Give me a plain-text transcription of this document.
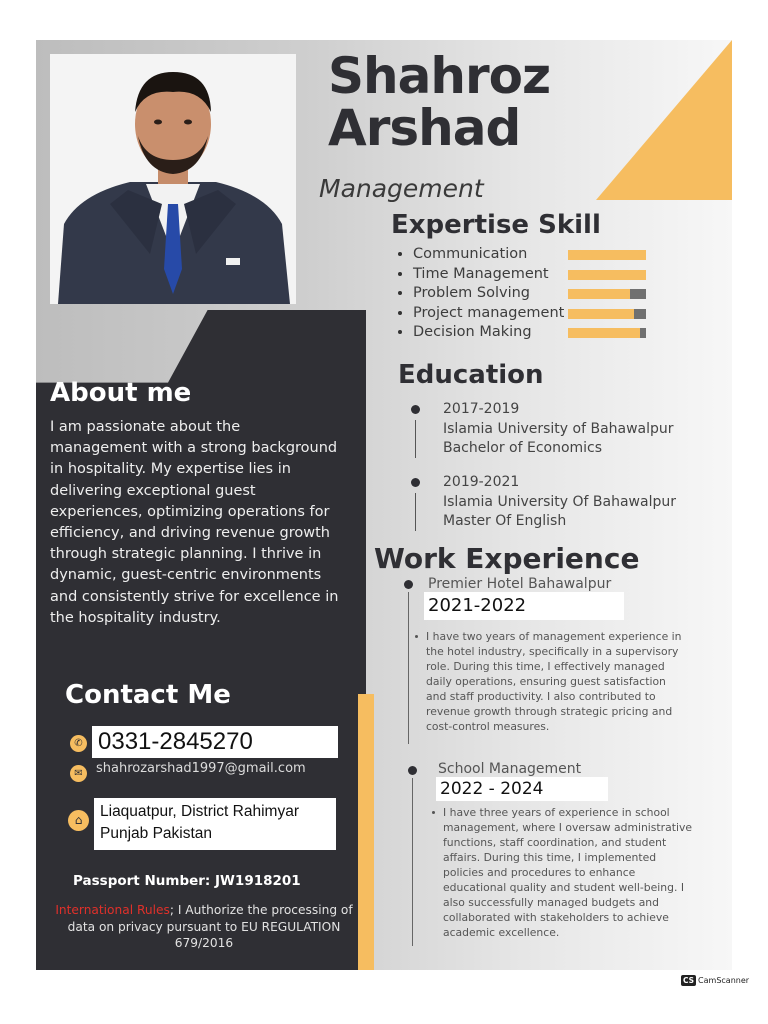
Shahroz
Arshad
Management
Expertise Skill
Communication
Time Management
Problem Solving
Project management
Decision Making
Education
2017-2019
Islamia University of Bahawalpur
Bachelor of Economics
2019-2021
Islamia University Of Bahawalpur
Master Of English
Work Experience
Premier Hotel Bahawalpur
2021-2022
I have two years of management experience in the hotel industry, specifically in a supervisory role. During this time, I effectively managed daily operations, ensuring guest satisfaction and staff productivity. I also contributed to revenue growth through strategic pricing and cost-control measures.
School Management
2022 - 2024
I have three years of experience in school management, where I oversaw administrative functions, staff coordination, and student affairs. During this time, I implemented policies and procedures to enhance educational quality and student well-being. I also successfully managed budgets and collaborated with stakeholders to achieve academic excellence.
About me
I am passionate about the management with a strong background in hospitality. My expertise lies in delivering exceptional guest experiences, optimizing operations for efficiency, and driving revenue growth through strategic planning. I thrive in dynamic, guest-centric environments and consistently strive for excellence in the hospitality industry.
Contact Me
✆ 0331-2845270
✉	shahrozarshad1997@gmail.com
⌂	Liaquatpur, District Rahimyar
Punjab Pakistan
Passport Number: JW1918201
International Rules; I Authorize the processing of data on privacy pursuant to EU REGULATION 679/2016
CS CamScanner
